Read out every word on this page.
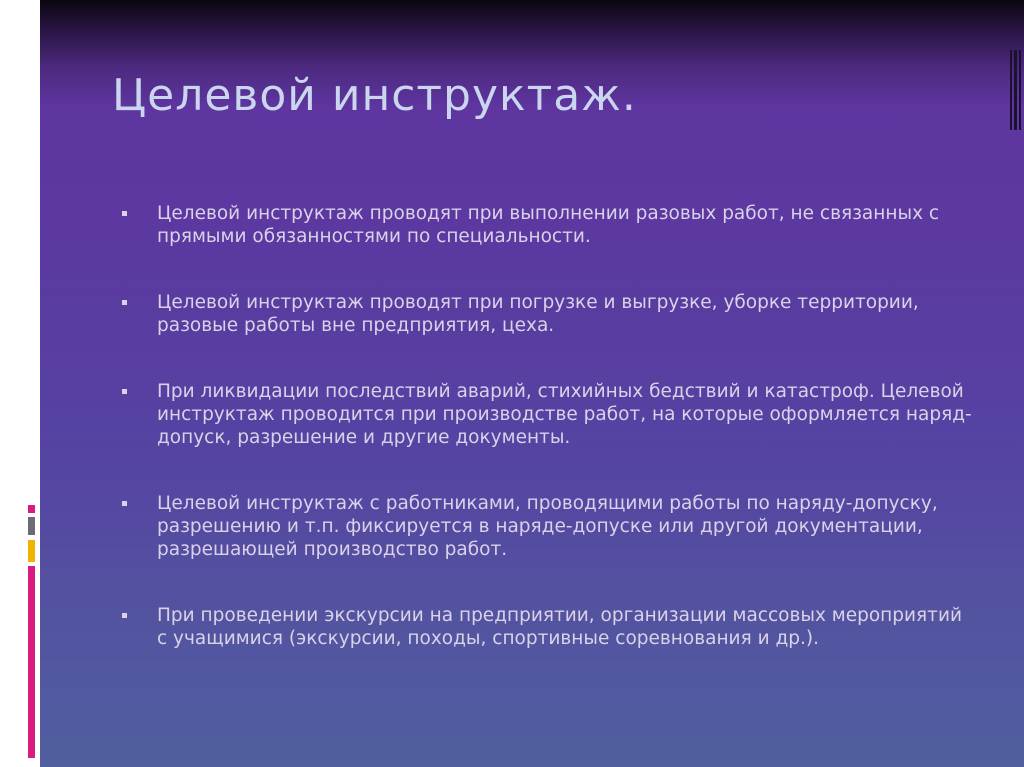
Целевой инструктаж.
Целевой инструктаж проводят при выполнении разовых работ, не связанных с прямыми обязанностями по специальности.
Целевой инструктаж проводят при погрузке и выгрузке, уборке территории, разовые работы вне предприятия, цеха.
При ликвидации последствий аварий, стихийных бедствий и катастроф. Целевой инструктаж проводится при производстве работ, на которые оформляется наряд-допуск, разрешение и другие документы.
Целевой инструктаж с работниками, проводящими работы по наряду-допуску, разрешению и т.п. фиксируется в наряде-допуске или другой документации, разрешающей производство работ.
При проведении экскурсии на предприятии, организации массовых мероприятий с учащимися (экскурсии, походы, спортивные соревнования и др.).
